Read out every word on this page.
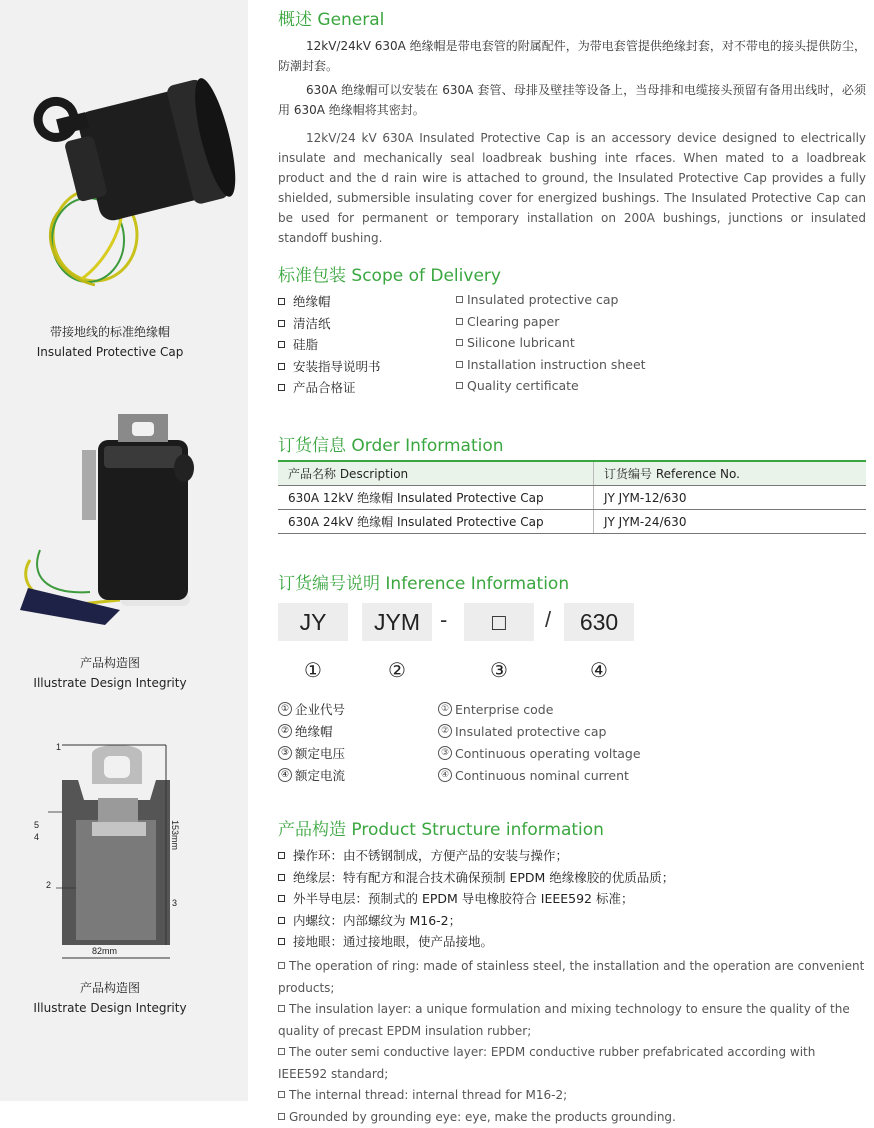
带接地线的标准绝缘帽
Insulated Protective Cap
产品构造图
Illustrate Design Integrity
1
5
4
2
3
153mm
82mm
产品构造图
Illustrate Design Integrity
概述 General
12kV/24kV 630A 绝缘帽是带电套管的附属配件，为带电套管提供绝缘封套，对不带电的接头提供防尘，防潮封套。
630A 绝缘帽可以安装在 630A 套管、母排及壁挂等设备上，当母排和电缆接头预留有备用出线时，必须用 630A 绝缘帽将其密封。
12kV/24 kV 630A Insulated Protective Cap is an accessory device designed to electrically insulate and mechanically seal loadbreak bushing inte rfaces. When mated to a loadbreak product and the d rain wire is attached to ground, the Insulated Protective Cap provides a fully shielded, submersible insulating cover for energized bushings. The Insulated Protective Cap can be used for permanent or temporary installation on 200A bushings, junctions or insulated standoff bushing.
标准包装 Scope of Delivery
绝缘帽
清洁纸
硅脂
安装指导说明书
产品合格证
Insulated protective cap
Clearing paper
Silicone lubricant
Installation instruction sheet
Quality certificate
订货信息 Order Information
产品名称 Description	订货编号 Reference No.
630A 12kV 绝缘帽 Insulated Protective Cap	JY JYM-12/630
630A 24kV 绝缘帽 Insulated Protective Cap	JY JYM-24/630
订货编号说明 Inference Information
JY	JYM -	□	/	630
①	②	③	④
① 企业代号
② 绝缘帽
③ 额定电压
④ 额定电流
① Enterprise code
② Insulated protective cap
③ Continuous operating voltage
④ Continuous nominal current
产品构造 Product Structure information
操作环：由不锈钢制成，方便产品的安装与操作；
绝缘层：特有配方和混合技术确保预制 EPDM 绝缘橡胶的优质品质；
外半导电层：预制式的 EPDM 导电橡胶符合 IEEE592 标准；
内螺纹：内部螺纹为 M16-2；
接地眼：通过接地眼，使产品接地。
The operation of ring: made of stainless steel, the installation and the operation are convenient products;
The insulation layer: a unique formulation and mixing technology to ensure the quality of the quality of precast EPDM insulation rubber;
The outer semi conductive layer: EPDM conductive rubber prefabricated according with IEEE592 standard;
The internal thread: internal thread for M16-2;
Grounded by grounding eye: eye, make the products grounding.
